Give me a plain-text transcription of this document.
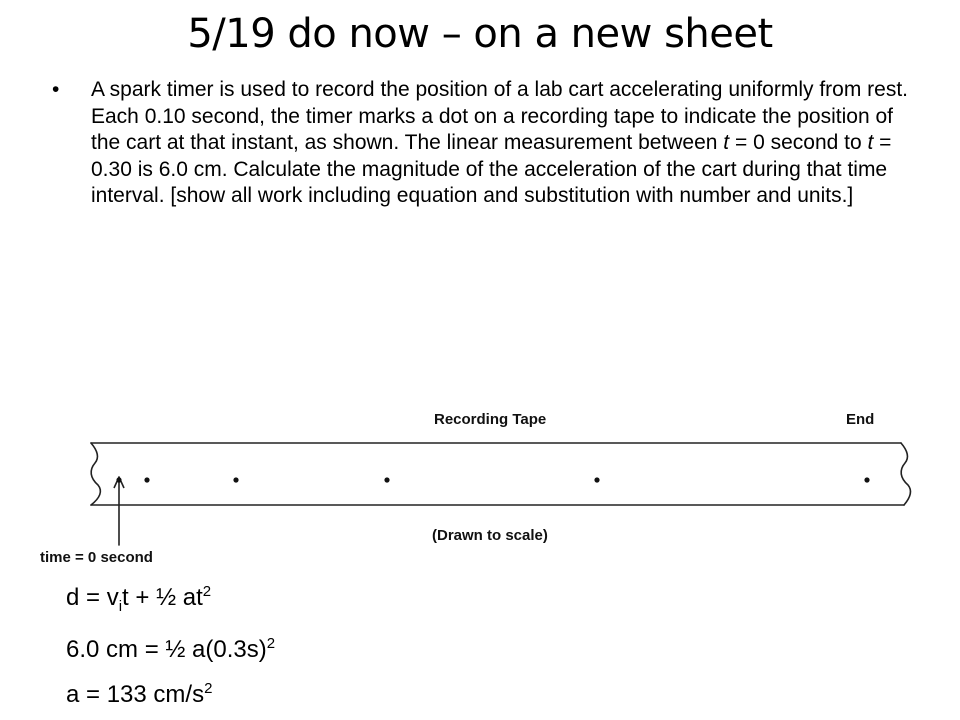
5/19 do now – on a new sheet
• A spark timer is used to record the position of a lab cart accelerating uniformly from rest. Each 0.10 second, the timer marks a dot on a recording tape to indicate the position of the cart at that instant, as shown. The linear measurement between t = 0 second to t = 0.30 is 6.0 cm. Calculate the magnitude of the acceleration of the cart during that time interval. [show all work including equation and substitution with number and units.]
Recording Tape	End
(Drawn to scale)
time = 0 second
$d = v_it$ + ½ $at^2$
6.0 cm = ½ $a(0.3s)^2$
a = 133 $cm/s^2$
